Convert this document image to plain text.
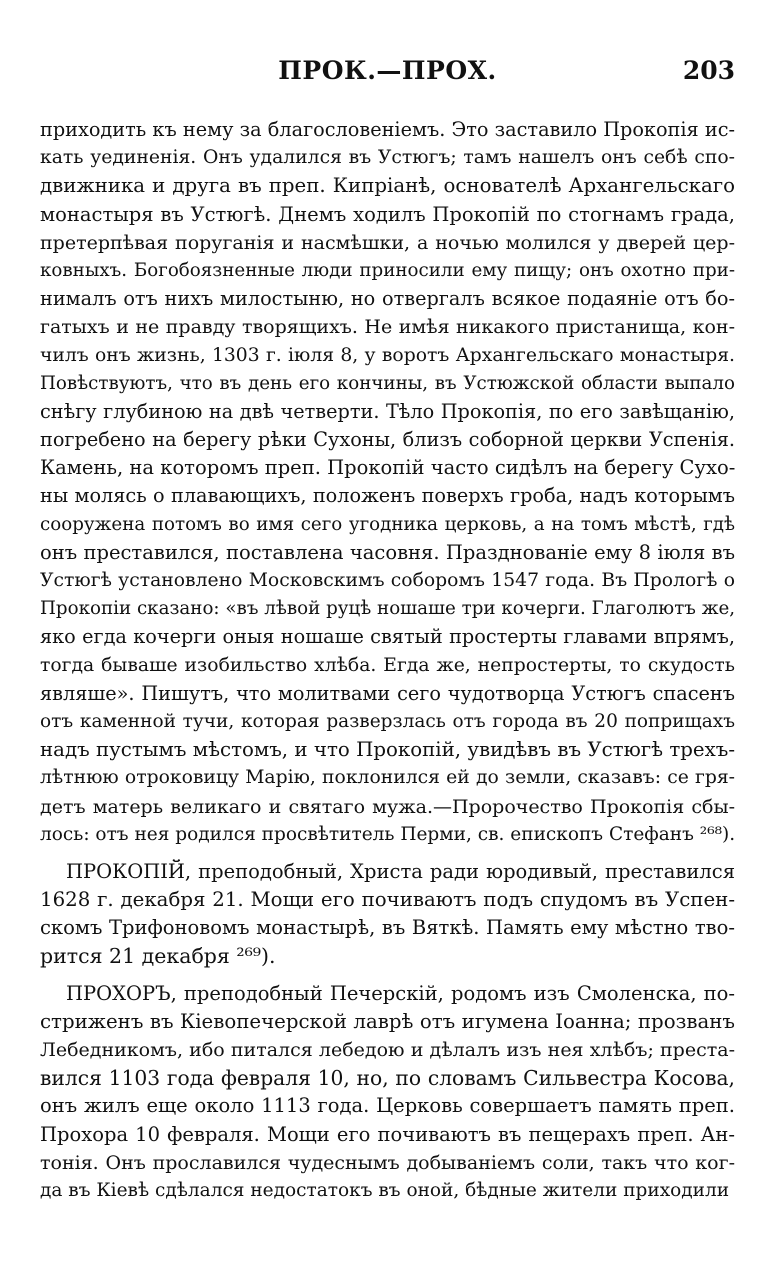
ПРОК.—ПРОХ.	203
приходить къ нему за благословеніемъ. Это заставило Прокопія ис-
кать уединенія. Онъ удалился въ Устюгъ; тамъ нашелъ онъ себѣ спо-
движника и друга въ преп. Кипріанѣ, основателѣ Архангельскаго
монастыря въ Устюгѣ. Днемъ ходилъ Прокопій по стогнамъ града,
претерпѣвая поруганія и насмѣшки, а ночью молился у дверей цер-
ковныхъ. Богобоязненные люди приносили ему пищу; онъ охотно при-
нималъ отъ нихъ милостыню, но отвергалъ всякое подаяніе отъ бо-
гатыхъ и не правду творящихъ. Не имѣя никакого пристанища, кон-
чилъ онъ жизнь, 1303 г. іюля 8, у воротъ Архангельскаго монастыря.
Повѣствуютъ, что въ день его кончины, въ Устюжской области выпало
снѣгу глубиною на двѣ четверти. Тѣло Прокопія, по его завѣщанію,
погребено на берегу рѣки Сухоны, близъ соборной церкви Успенія.
Камень, на которомъ преп. Прокопій часто сидѣлъ на берегу Сухо-
ны молясь о плавающихъ, положенъ поверхъ гроба, надъ которымъ
сооружена потомъ во имя сего угодника церковь, а на томъ мѣстѣ, гдѣ
онъ преставился, поставлена часовня. Празднованіе ему 8 іюля въ
Устюгѣ установлено Московскимъ соборомъ 1547 года. Въ Прологѣ о
Прокопіи сказано: «въ лѣвой руцѣ ношаше три кочерги. Глаголютъ же,
яко егда кочерги оныя ношаше святый простерты главами впрямъ,
тогда бываше изобильство хлѣба. Егда же, непростерты, то скудость
являше». Пишутъ, что молитвами сего чудотворца Устюгъ спасенъ
отъ каменной тучи, которая разверзлась отъ города въ 20 поприщахъ
надъ пустымъ мѣстомъ, и что Прокопій, увидѣвъ въ Устюгѣ трехъ-
лѣтнюю отроковицу Марію, поклонился ей до земли, сказавъ: се гря-
детъ матерь великаго и святаго мужа.—Пророчество Прокопія сбы-
лось: отъ нея родился просвѣтитель Перми, св. епископъ Стефанъ ²⁶⁸).
ПРОКОПІЙ, преподобный, Христа ради юродивый, преставился
1628 г. декабря 21. Мощи его почиваютъ подъ спудомъ въ Успен-
скомъ Трифоновомъ монастырѣ, въ Вяткѣ. Память ему мѣстно тво-
рится 21 декабря ²⁶⁹).
ПРОХОРЪ, преподобный Печерскій, родомъ изъ Смоленска, по-
стриженъ въ Кіевопечерской лаврѣ отъ игумена Іоанна; прозванъ
Лебедникомъ, ибо питался лебедою и дѣлалъ изъ нея хлѣбъ; преста-
вился 1103 года февраля 10, но, по словамъ Сильвестра Косова,
онъ жилъ еще около 1113 года. Церковь совершаетъ память преп.
Прохора 10 февраля. Мощи его почиваютъ въ пещерахъ преп. Ан-
тонія. Онъ прославился чудеснымъ добываніемъ соли, такъ что ког-
да въ Кіевѣ сдѣлался недостатокъ въ оной, бѣдные жители приходили
